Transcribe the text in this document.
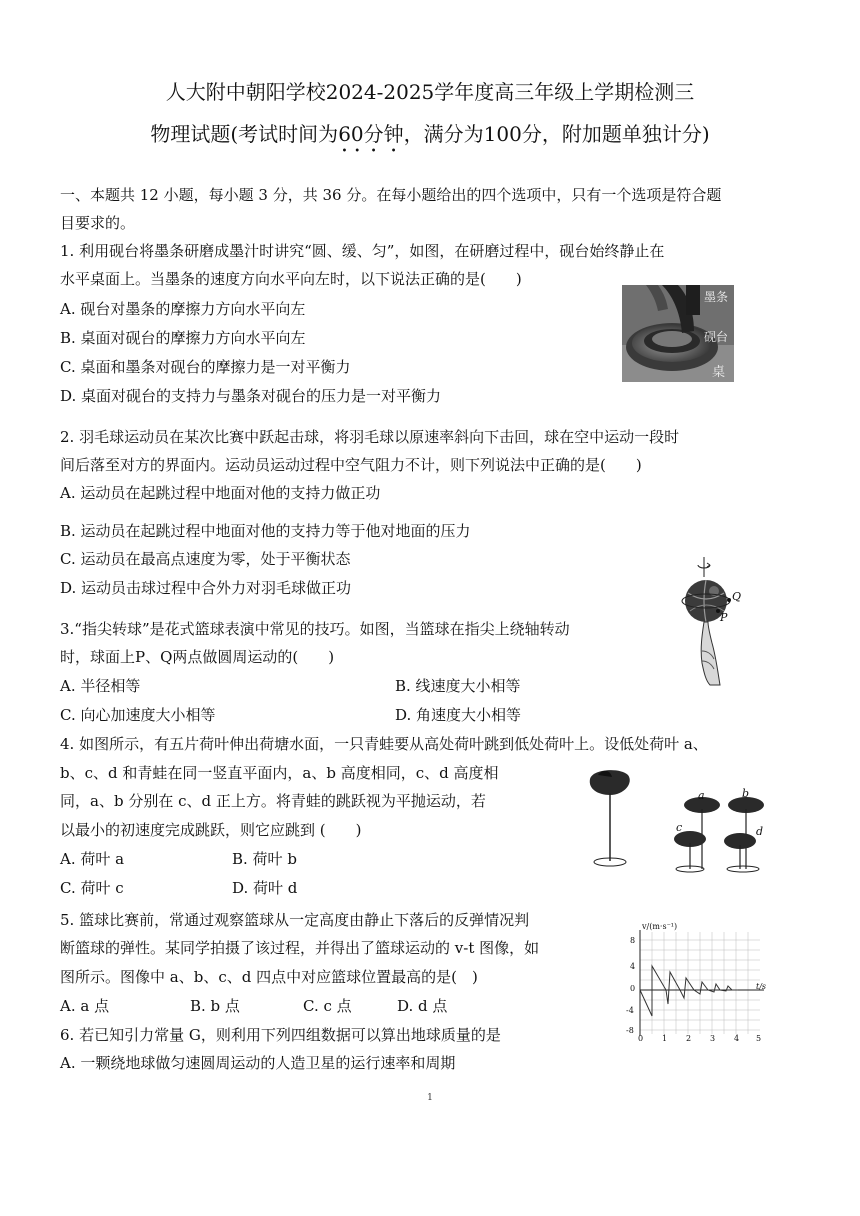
人大附中朝阳学校2024-2025学年度高三年级上学期检测三
物理试题(考试时间为60分钟，满分为100分，附加题单独计分)
一、本题共 12 小题，每小题 3 分，共 36 分。在每小题给出的四个选项中，只有一个选项是符合题
目要求的。
1. 利用砚台将墨条研磨成墨汁时讲究“圆、缓、匀”，如图，在研磨过程中，砚台始终静止在
水平桌面上。当墨条的速度方向水平向左时，以下说法正确的是(　　)
A. 砚台对墨条的摩擦力方向水平向左
B. 桌面对砚台的摩擦力方向水平向左
C. 桌面和墨条对砚台的摩擦力是一对平衡力
D. 桌面对砚台的支持力与墨条对砚台的压力是一对平衡力
墨条
砚台
桌
2. 羽毛球运动员在某次比赛中跃起击球，将羽毛球以原速率斜向下击回，球在空中运动一段时
间后落至对方的界面内。运动员运动过程中空气阻力不计，则下列说法中正确的是(　　)
A. 运动员在起跳过程中地面对他的支持力做正功
B. 运动员在起跳过程中地面对他的支持力等于他对地面的压力
C. 运动员在最高点速度为零，处于平衡状态
D. 运动员击球过程中合外力对羽毛球做正功
3.“指尖转球”是花式篮球表演中常见的技巧。如图，当篮球在指尖上绕轴转动
时，球面上P、Q两点做圆周运动的(　　)
A. 半径相等	B. 线速度大小相等
C. 向心加速度大小相等	D. 角速度大小相等
Q
P
4. 如图所示，有五片荷叶伸出荷塘水面，一只青蛙要从高处荷叶跳到低处荷叶上。设低处荷叶 a、
b、c、d 和青蛙在同一竖直平面内，a、b 高度相同，c、d 高度相
同，a、b 分别在 c、d 正上方。将青蛙的跳跃视为平抛运动，若
以最小的初速度完成跳跃，则它应跳到 (　　)
A. 荷叶 a	B. 荷叶 b
C. 荷叶 c	D. 荷叶 d
a	b
c	d
5. 篮球比赛前，常通过观察篮球从一定高度由静止下落后的反弹情况判
断篮球的弹性。某同学拍摄了该过程，并得出了篮球运动的 v-t 图像，如
图所示。图像中 a、b、c、d 四点中对应篮球位置最高的是(　)
A. a 点	B. b 点	C. c 点	D. d 点
v/(m·s⁻¹)
t/s
8
4
0
-4
-8
0 1 2 3 4 5
6. 若已知引力常量 G，则利用下列四组数据可以算出地球质量的是
A. 一颗绕地球做匀速圆周运动的人造卫星的运行速率和周期
1
